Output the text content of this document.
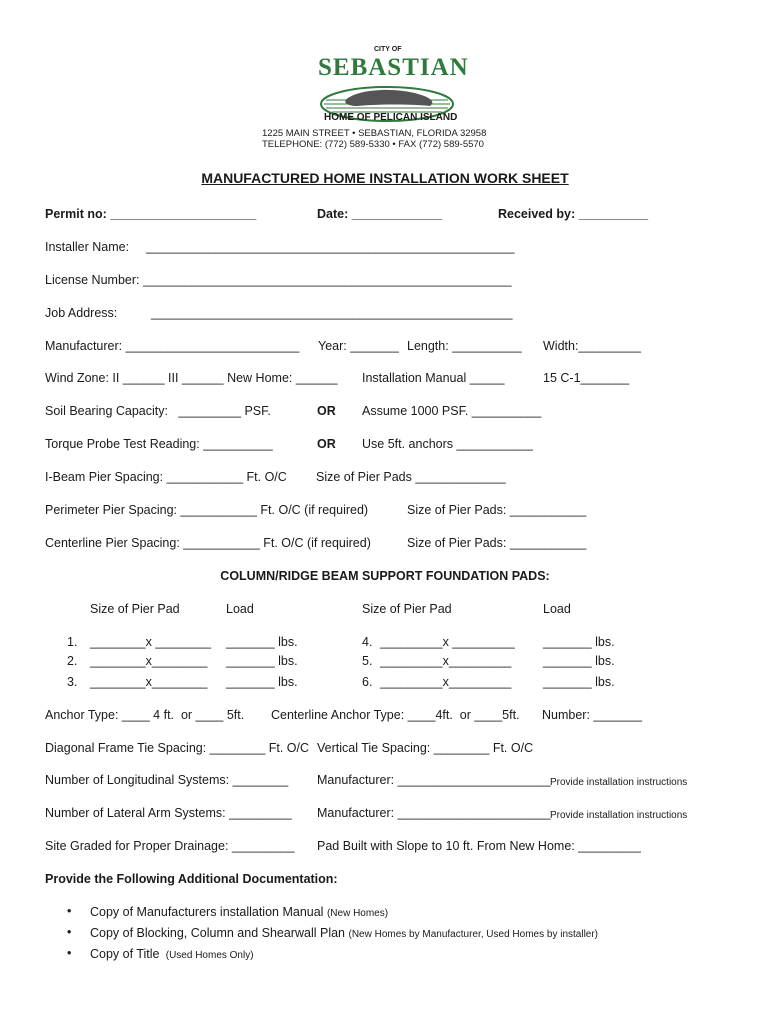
CITY OF
SEBASTIAN
HOME OF PELICAN ISLAND
1225 MAIN STREET • SEBASTIAN, FLORIDA 32958
TELEPHONE: (772) 589-5330 • FAX (772) 589-5570
MANUFACTURED HOME INSTALLATION WORK SHEET
Permit no: _____________________	Date: _____________	Received by: __________
Installer Name: _____________________________________________________
License Number: _____________________________________________________
Job Address:	____________________________________________________
Manufacturer: _________________________ Year: _______ Length: __________ Width:_________
Wind Zone: II ______ III ______ New Home: ______ Installation Manual _____	15 C-1_______
Soil Bearing Capacity:   _________ PSF.	OR Assume 1000 PSF. __________
Torque Probe Test Reading: __________	OR Use 5ft. anchors ___________
I-Beam Pier Spacing: ___________ Ft. O/C Size of Pier Pads _____________
Perimeter Pier Spacing: ___________ Ft. O/C (if required)	Size of Pier Pads: ___________
Centerline Pier Spacing: ___________ Ft. O/C (if required)	Size of Pier Pads: ___________
COLUMN/RIDGE BEAM SUPPORT FOUNDATION PADS:
Size of Pier Pad	Load	Size of Pier Pad	Load
1. ________x ________ _______ lbs.	4. _________x _________ _______ lbs.
2. ________x________ _______ lbs.	5. _________x_________	_______ lbs.
3. ________x________ _______ lbs.	6. _________x_________	_______ lbs.
Anchor Type: ____ 4 ft.  or ____ 5ft. Centerline Anchor Type: ____4ft.  or ____5ft. Number: _______
Diagonal Frame Tie Spacing: ________ Ft. O/C Vertical Tie Spacing: ________ Ft. O/C
Number of Longitudinal Systems: ________ Manufacturer: ______________________ Provide installation instructions
Number of Lateral Arm Systems: _________ Manufacturer: ______________________ Provide installation instructions
Site Graded for Proper Drainage: _________ Pad Built with Slope to 10 ft. From New Home: _________
Provide the Following Additional Documentation:
• Copy of Manufacturers installation Manual (New Homes)
• Copy of Blocking, Column and Shearwall Plan (New Homes by Manufacturer, Used Homes by installer)
• Copy of Title  (Used Homes Only)
